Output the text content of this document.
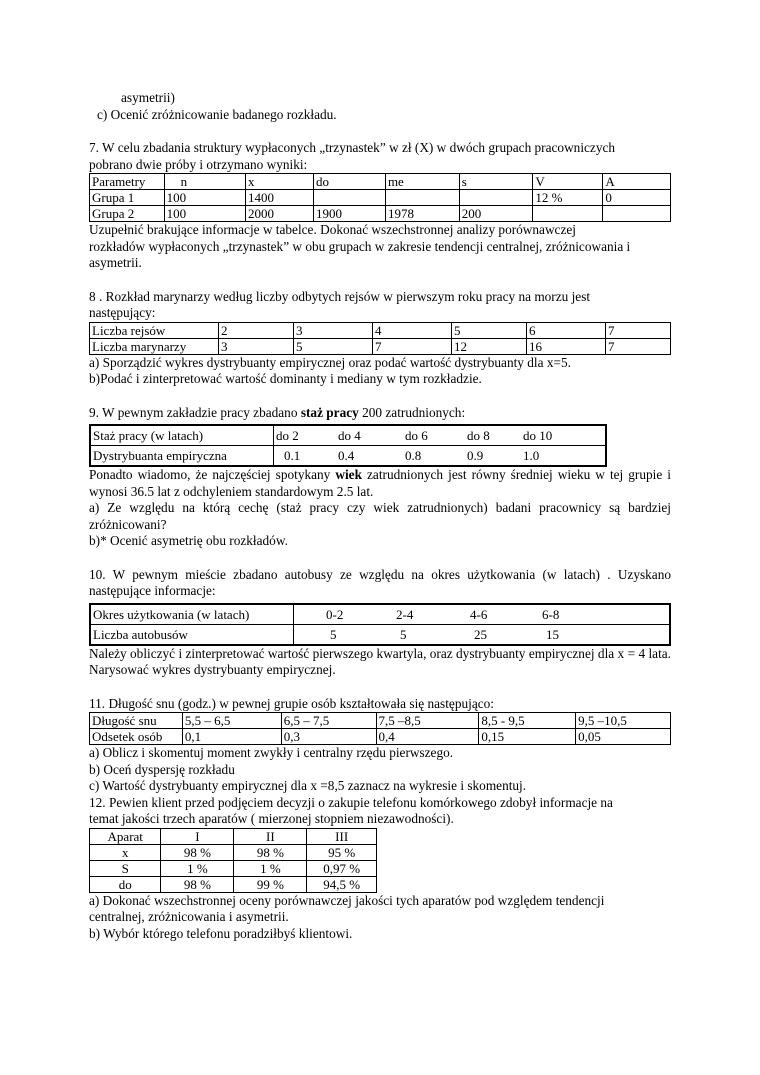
asymetrii)

c) Ocenić zróżnicowanie badanego rozkładu.

7. W celu zbadania struktury wypłaconych „trzynastek” w zł (X) w dwóch grupach pracowniczych

pobrano dwie próby i otrzymano wyniki:

Parametry	n	$\overline{x}$	do	me	s	V	A
Grupa 1	100	1400				12 %	0
Grupa 2	100	2000	1900	1978	200		

Uzupełnić brakujące informacje w tabelce. Dokonać wszechstronnej analizy porównawczej

rozkładów wypłaconych „trzynastek” w obu grupach w zakresie tendencji centralnej, zróżnicowania i

asymetrii.

8 . Rozkład marynarzy według liczby odbytych rejsów w pierwszym roku pracy na morzu jest

następujący:

Liczba rejsów	2	3	4	5	6	7
Liczba marynarzy	3	5	7	12	16	7

a) Sporządzić wykres dystrybuanty empirycznej oraz podać wartość dystrybuanty dla x=5.

b)Podać i zinterpretować wartość dominanty i mediany w tym rozkładzie.

9. W pewnym zakładzie pracy zbadano staż pracy 200 zatrudnionych:

Staż pracy (w latach)	do 2 do 4 do 6 do 8 do 10
Dystrybuanta empiryczna	0.1 0.4 0.8 0.9 1.0

Ponadto wiadomo, że najczęściej spotykany wiek zatrudnionych jest równy średniej wieku w tej grupie i wynosi 36.5 lat z odchyleniem standardowym 2.5 lat.

a) Ze względu na którą cechę (staż pracy czy wiek zatrudnionych) badani pracownicy są bardziej zróżnicowani?

b)* Ocenić asymetrię obu rozkładów.

10. W pewnym mieście zbadano autobusy ze względu na okres użytkowania (w latach) . Uzyskano następujące informacje:

Okres użytkowania (w latach)	0-2 2-4 4-6 6-8
Liczba autobusów	5 5 25 15

Należy obliczyć i zinterpretować wartość pierwszego kwartyla, oraz dystrybuanty empirycznej dla x = 4 lata. Narysować wykres dystrybuanty empirycznej.

11. Długość snu (godz.) w pewnej grupie osób kształtowała się następująco:

Długość snu	5,5 – 6,5	6,5 – 7,5	7,5 –8,5	8,5 - 9,5	9,5 –10,5
Odsetek osób	0,1	0,3	0,4	0,15	0,05

a) Oblicz i skomentuj moment zwykły i centralny rzędu pierwszego.

b) Oceń dyspersję rozkładu

c) Wartość dystrybuanty empirycznej dla x =8,5 zaznacz na wykresie i skomentuj.

12. Pewien klient przed podjęciem decyzji o zakupie telefonu komórkowego zdobył informacje na

temat jakości trzech aparatów ( mierzonej stopniem niezawodności).

Aparat	I	II	III
$\overline{x}$	98 %	98 %	95 %
S	1 %	1 %	0,97 %
do	98 %	99 %	94,5 %

a) Dokonać wszechstronnej oceny porównawczej jakości tych aparatów pod względem tendencji

centralnej, zróżnicowania i asymetrii.

b) Wybór którego telefonu poradziłbyś klientowi.
